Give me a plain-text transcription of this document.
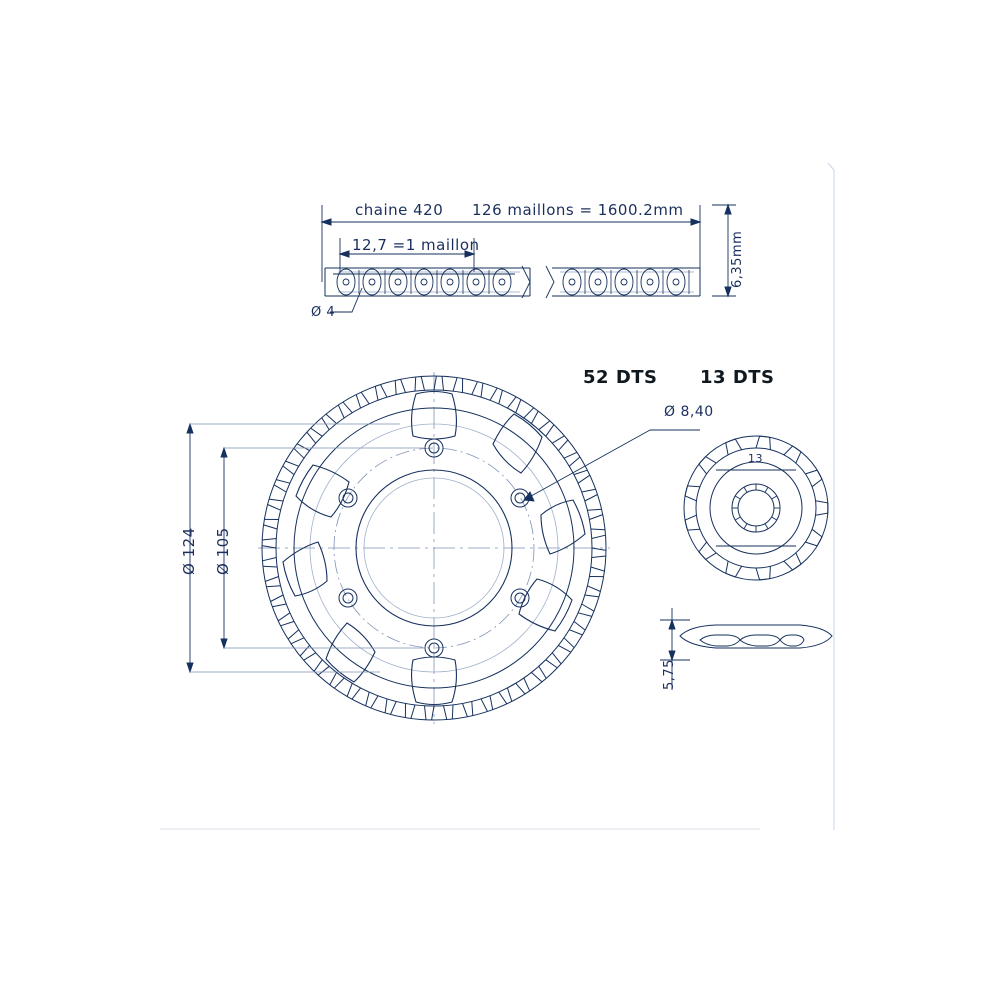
chaine 420 126 maillons = 1600.2mm
12,7 =1 maillon
Ø 4
6,35mm
52 DTS 13 DTS
Ø 8,40
Ø 124 Ø 105
13
5,75
